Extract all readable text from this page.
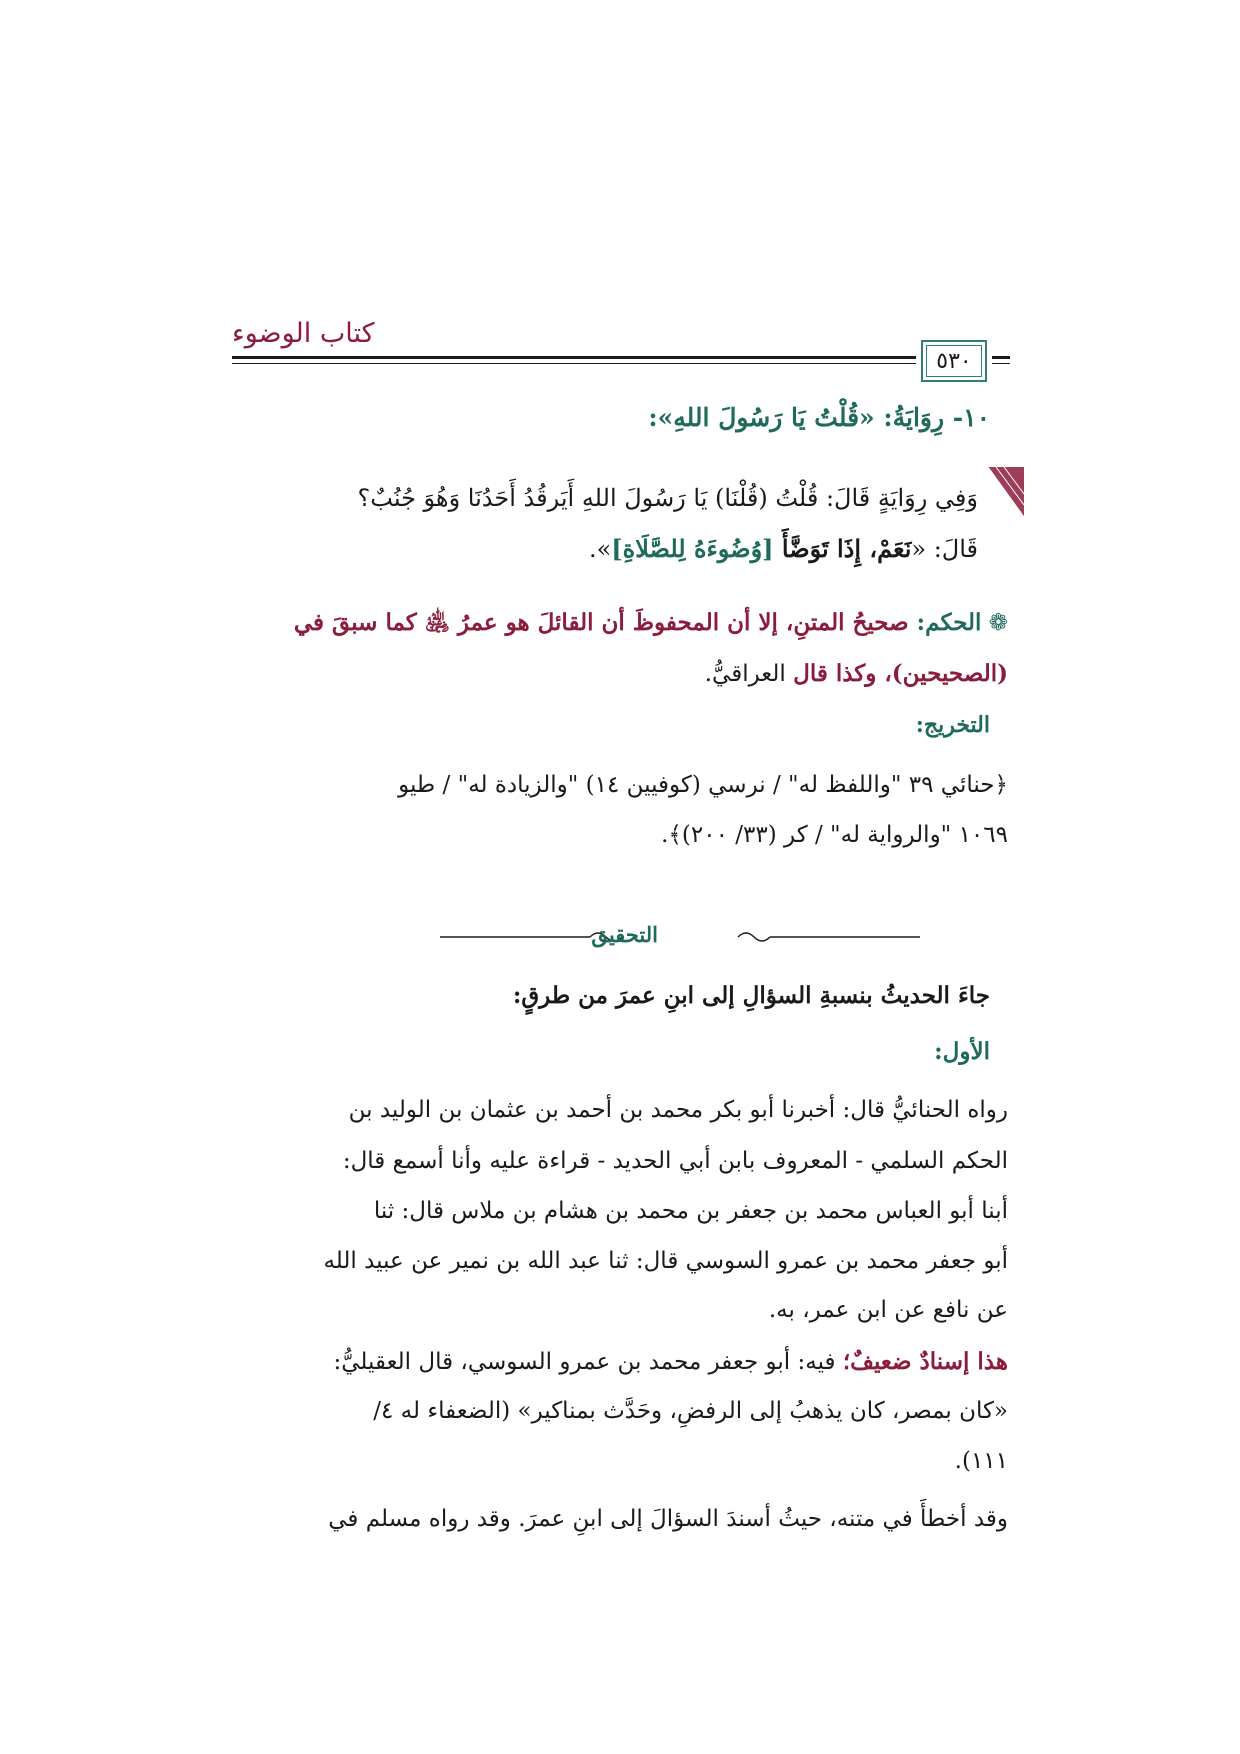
كتاب الوضوء
٥٣٠
١٠- رِوَايَةُ: «قُلْتُ يَا رَسُولَ اللهِ»:
وَفِي رِوَايَةٍ قَالَ: قُلْتُ (قُلْنَا) يَا رَسُولَ اللهِ أَيَرقُدُ أَحَدُنَا وَهُوَ جُنُبٌ؟
قَالَ: «نَعَمْ، إِذَا تَوَضَّأَ [وُضُوءَهُ لِلصَّلَاةِ]».
❁ الحكم: صحيحُ المتنِ، إلا أن المحفوظَ أن القائلَ هو عمرُ ﵁ كما سبقَ في
(الصحيحين)، وكذا قال العراقيُّ.
التخريج:
﴿حنائي ٣٩ "واللفظ له" / نرسي (كوفيين ١٤) "والزيادة له" / طيو
١٠٦٩ "والرواية له" / كر (٣٣/ ٢٠٠)﴾.
التحقيق
جاءَ الحديثُ بنسبةِ السؤالِ إلى ابنِ عمرَ من طرقٍ:
الأول:
رواه الحنائيُّ قال: أخبرنا أبو بكر محمد بن أحمد بن عثمان بن الوليد بن
الحكم السلمي - المعروف بابن أبي الحديد - قراءة عليه وأنا أسمع قال:
أبنا أبو العباس محمد بن جعفر بن محمد بن هشام بن ملاس قال: ثنا
أبو جعفر محمد بن عمرو السوسي قال: ثنا عبد الله بن نمير عن عبيد الله
عن نافع عن ابن عمر، به.
هذا إسنادٌ ضعيفٌ؛ فيه: أبو جعفر محمد بن عمرو السوسي، قال العقيليُّ:
«كان بمصر، كان يذهبُ إلى الرفضِ، وحَدَّث بمناكير» (الضعفاء له ٤/
١١١).
وقد أخطأَ في متنه، حيثُ أسندَ السؤالَ إلى ابنِ عمرَ. وقد رواه مسلم في
